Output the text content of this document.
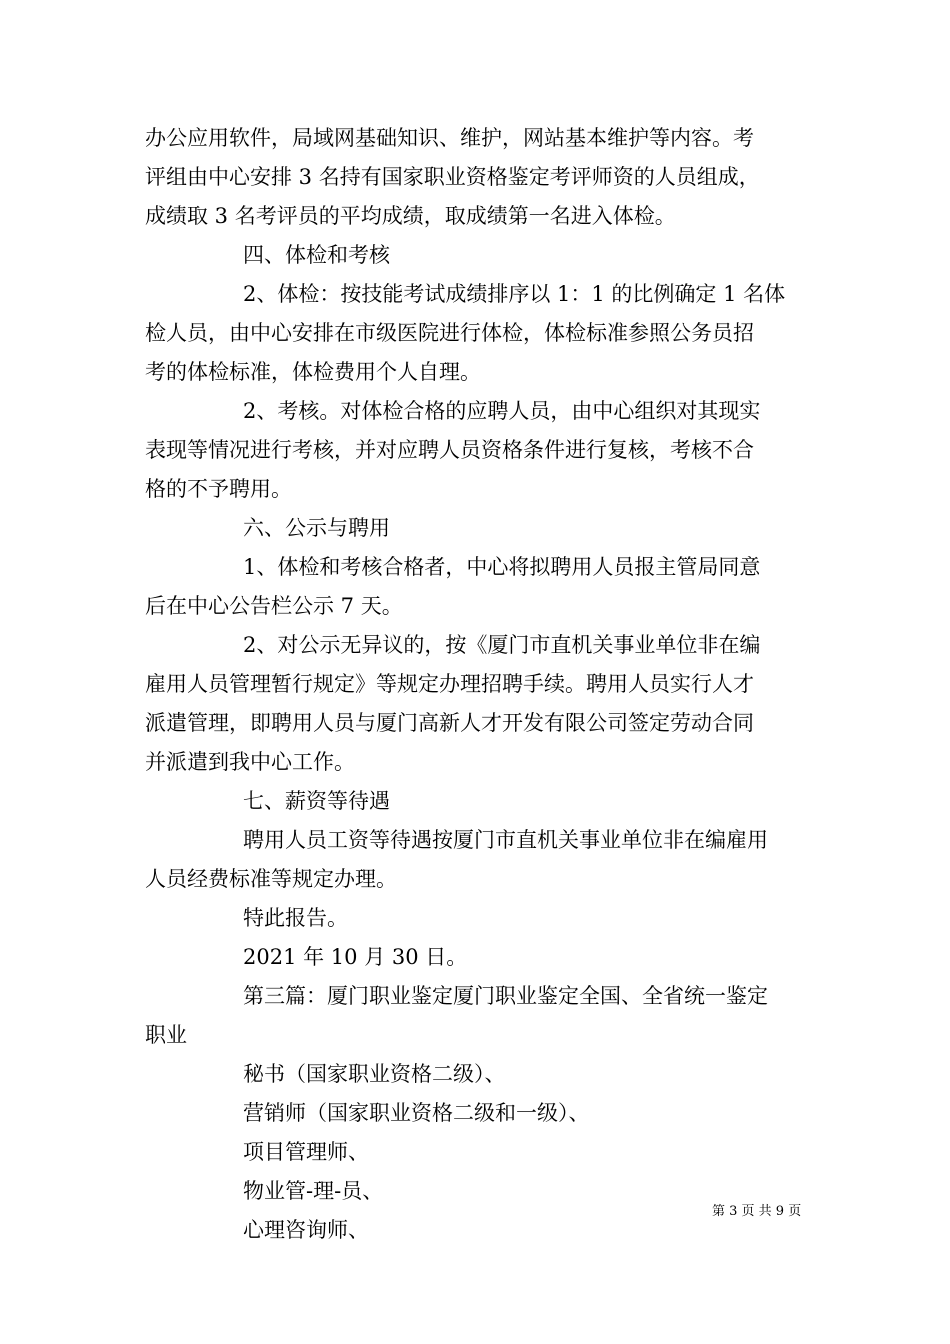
办公应用软件，局域网基础知识、维护，网站基本维护等内容。考

评组由中心安排 3 名持有国家职业资格鉴定考评师资的人员组成，

成绩取 3 名考评员的平均成绩，取成绩第一名进入体检。

四、体检和考核

2、体检：按技能考试成绩排序以 1：1 的比例确定 1 名体

检人员，由中心安排在市级医院进行体检，体检标准参照公务员招

考的体检标准，体检费用个人自理。

2、考核。对体检合格的应聘人员，由中心组织对其现实

表现等情况进行考核，并对应聘人员资格条件进行复核，考核不合

格的不予聘用。

六、公示与聘用

1、体检和考核合格者，中心将拟聘用人员报主管局同意

后在中心公告栏公示 7 天。

2、对公示无异议的，按《厦门市直机关事业单位非在编

雇用人员管理暂行规定》等规定办理招聘手续。聘用人员实行人才

派遣管理，即聘用人员与厦门高新人才开发有限公司签定劳动合同

并派遣到我中心工作。

七、薪资等待遇

聘用人员工资等待遇按厦门市直机关事业单位非在编雇用

人员经费标准等规定办理。

特此报告。

2021 年 10 月 30 日。

第三篇：厦门职业鉴定厦门职业鉴定全国、全省统一鉴定

职业

秘书（国家职业资格二级）、

营销师（国家职业资格二级和一级）、

项目管理师、

物业管-理-员、

心理咨询师、

第 3 页 共 9 页
